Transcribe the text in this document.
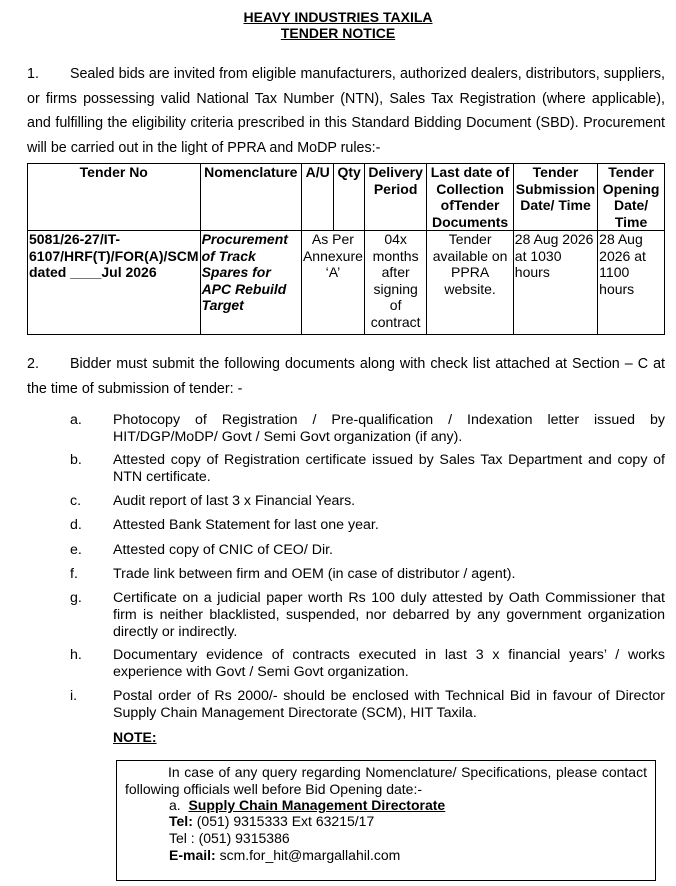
HEAVY INDUSTRIES TAXILA
TENDER NOTICE
1. Sealed bids are invited from eligible manufacturers, authorized dealers, distributors, suppliers, or firms possessing valid National Tax Number (NTN), Sales Tax Registration (where applicable), and fulfilling the eligibility criteria prescribed in this Standard Bidding Document (SBD). Procurement will be carried out in the light of PPRA and MoDP rules:-
Tender No	Nomenclature	A/U	Qty	Delivery Period	Last date of Collection ofTender Documents	Tender Submission Date/ Time	Tender Opening Date/ Time
5081/26-27/IT-6107/HRF(T)/FOR(A)/SCM dated ____Jul 2026	Procurement of Track Spares for APC Rebuild Target	As Per Annexure ‘A’		04x months after signing of contract	Tender available on PPRA website.	28 Aug 2026 at 1030 hours	28 Aug 2026 at 1100 hours
2. Bidder must submit the following documents along with check list attached at Section – C at the time of submission of tender: -
a.	Photocopy of Registration / Pre-qualification / Indexation letter issued by HIT/DGP/MoDP/ Govt / Semi Govt organization (if any).
b.	Attested copy of Registration certificate issued by Sales Tax Department and copy of NTN certificate.
c.	Audit report of last 3 x Financial Years.
d.	Attested Bank Statement for last one year.
e.	Attested copy of CNIC of CEO/ Dir.
f.	Trade link between firm and OEM (in case of distributor / agent).
g.	Certificate on a judicial paper worth Rs 100 duly attested by Oath Commissioner that firm is neither blacklisted, suspended, nor debarred by any government organization directly or indirectly.
h.	Documentary evidence of contracts executed in last 3 x financial years’ / works experience with Govt / Semi Govt organization.
i.	Postal order of Rs 2000/- should be enclosed with Technical Bid in favour of Director Supply Chain Management Directorate (SCM), HIT Taxila.
NOTE:
In case of any query regarding Nomenclature/ Specifications, please contact following officials well before Bid Opening date:-
a. Supply Chain Management Directorate
Tel: (051) 9315333 Ext 63215/17
Tel : (051) 9315386
E-mail: scm.for_hit@margallahil.com
